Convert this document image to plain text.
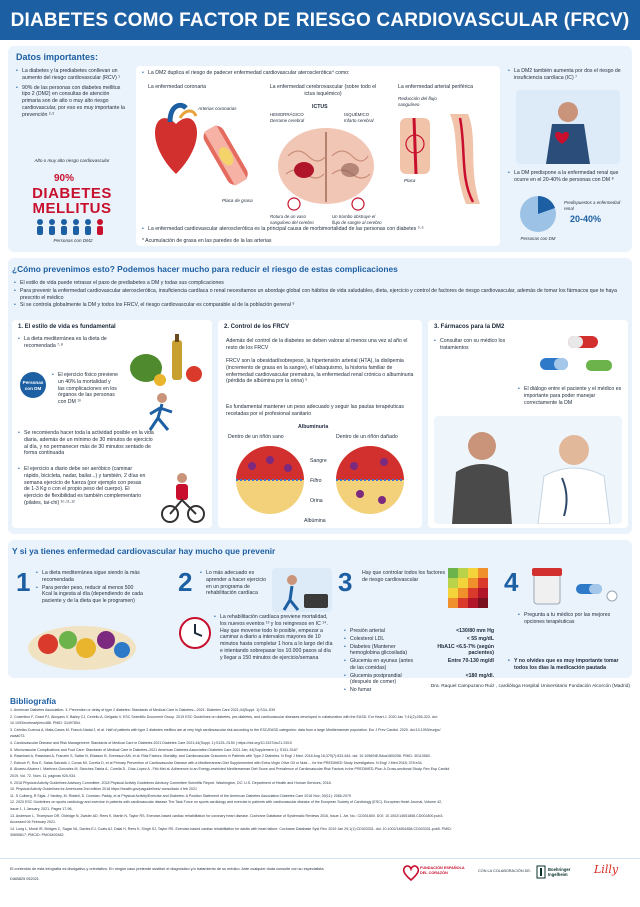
DIABETES COMO FACTOR DE RIESGO CARDIOVASCULAR (FRCV)
Datos importantes:
• La diabetes y la prediabetes conllevan un aumento del riesgo cardiovascular (RCV) ¹
• 90% de las personas con diabetes mellitus tipo 2 (DM2) en consultas de atención primaria son de alto o muy alto riesgo cardiovascular, por eso es muy importante la prevención ²·³
Alto o muy alto riesgo cardiovascular
90%
DIABETES MELLITUS
Personas con DM2
• La DM2 duplica el riesgo de padecer enfermedad cardiovascular aterosclerótica⁴ como:
La enfermedad coronaria
Arterias coronarias
Placa de grasa
La enfermedad cerebrovascular (sobre todo el ictus isquémico)
ICTUS
HEMORRÁGICO
Derrame cerebral
ISQUÉMICO
Infarto cerebral
Rotura de un vaso sanguíneo del cerebro
Un trombo obstruye el flujo de sangre al cerebro
La enfermedad arterial periférica
Reducción del flujo sanguíneo
Placa
• La enfermedad cardiovascular aterosclerótica es la principal causa de morbimortalidad de las personas con diabetes ⁵·⁶
* Acumulación de grasa en las paredes de la las arterias
• La DM2 también aumenta por dos el riesgo de insuficiencia cardíaca (IC) ⁷
• La DM predispone a la enfermedad renal que ocurre en el 20-40% de personas con DM ⁸
Personas con DM
Predispuestos a enfermedad renal
20-40%
¿Cómo prevenimos esto? Podemos hacer mucho para reducir el riesgo de estas complicaciones
• El estilo de vida puede retrasar el paso de prediabetes a DM y todas sus complicaciones
• Para prevenir la enfermedad cardiovascular aterosclerótica, insuficiencia cardíaca o renal necesitamos un abordaje global con hábitos de vida saludables, dieta, ejercicio y control de factores de riesgo cardiovascular, además de tomar los fármacos que te haya prescrito el médico
• Si se controla globalmente la DM y todos los FRCV, el riesgo cardiovascular es comparable al de la población general ⁹
1. El estilo de vida es fundamental
• La dieta mediterránea es la dieta de recomendada ⁷·⁸
Personas con DM
• El ejercicio físico previene un 40% la mortalidad y las complicaciones en los órganos de las personas con DM ¹⁰
• Se recomienda hacer toda la actividad posible en la vida diaria, además de un mínimo de 30 minutos de ejercicio al día, y no permanecer más de 30 minutos sentado de forma continuada
• El ejercicio a diario debe ser aeróbico (caminar rápido, bicicleta, nadar, bailar...) y también, 2 días en semana ejercicio de fuerza (por ejemplo con pesas de 1-3 Kg o con el propio peso del cuerpo). El ejercicio de flexibilidad es también complementario (pilates, tai-chi) ¹⁰·¹¹·¹²
2. Control de los FRCV
Además del control de la diabetes se deben valorar al menos una vez al año el resto de los FRCV
FRCV son la obesidad/sobrepeso, la hipertensión arterial (HTA), la dislipemia (incremento de grasa en la sangre), el tabaquismo, la historia familiar de enfermedad cardiovascular prematura, la enfermedad renal crónica o albuminuria (pérdida de albúmina por la orina) ⁵
Es fundamental mantener un peso adecuado y seguir las pautas terapéuticas recetadas por el profesional sanitario
Albuminuria
Dentro de un riñón sano	Dentro de un riñón dañado
Sangre
Filtro
Orina
Albúmina
3. Fármacos para la DM2
• Consultar con su médico los tratamientos
• El diálogo entre el paciente y el médico es importante para poder manejar correctamente la DM
Y si ya tienes enfermedad cardiovascular hay mucho que prevenir
1	• La dieta mediterránea sigue siendo la más recomendada
• Para perder peso, reducir al menos 500 Kcal la ingesta al día (dependiendo de cada paciente y de la dieta que le programen)
2	• Lo más adecuado es aprender a hacer ejercicio en un programa de rehabilitación cardíaca
• La rehabilitación cardíaca previene mortalidad, los nuevos eventos ¹³ y los reingresos en IC ¹⁴. Hay que moverse todo lo posible, empezar a caminar a diario a intervalos mayores de 10 minutos hasta completar 1 hora a lo largo del día e intentando sobrepasar los 10.000 pasos al día y llegar a 150 minutos de ejercicio/semana
3 Hay que controlar todos los factores de riesgo cardiovascular
• Presión arterial	<130/80 mm Hg
• Colesterol LDL	< 55 mg/dL
• Diabetes (Mantener hemoglobina glicosilada)
HbA1C <6.5-7% (según pacientes)
• Glucemia en ayunas (antes de las comidas)
Entre 70-130 mg/dl
• Glucemia postprandial (después de comer)
<180 mg/dl.
• No fumar
4
• Pregunta a tu médico por las mejores opciones terapéuticas
• Y no olvides que es muy importante tomar todos los días la medicación pautada
Dra. Raquel Campuzano Ruiz , cardióloga Hospital Universitario Fundación Alcorcón (Madrid)
Bibliografía
1. American Diabetes Association. 3. Prevention or delay of type 2 diabetes: Standards of Medical Care in Diabetes—2021. Diabetes Care 2021;44(Suppl. 1):S34–S39
2. Cosentino F, Grant PJ, Aboyans V, Bailey CJ, Ceriello A, Delgado V, ESC Scientific Document Group. 2019 ESC Guidelines on diabetes, pre-diabetes, and cardiovascular diseases developed in collaboration with the EASD. Eur Heart J. 2020 Jan 7;41(2):255-323. doi:
10.1093/eurheartj/ehz486. PMID: 31497854.
3. Cebrián-Cuenca A, Mata-Cases M, Franch-Nadal J, et al. Half of patients with type 2 diabetes mellitus are at very high cardiovascular risk according to the ESC/EASD categories: data from a large Mediterranean population. Eur J Prev Cardiol. 2020. doi:10.1093/eurjpc/
zwaa073.
4. Cardiovascular Disease and Risk Management: Standards of Medical Care in Diabetes 2021 Diabetes Care 2021;44(Suppl. 1):S125–S150 | https://doi.org/10.2337/dc21-S010
5. Microvascular Complications and Foot Care: Standards of Medical Care in Diabetes–2021 American Diabetes Association Diabetes Care 2021 Jan; 44(Supplement 1): S151-S167
6. Rawshani A, Rawshani A, Franzén S, Sattar N, Eliasson B, Svensson AM, et al. Risk Factors, Mortality, and Cardiovascular Outcomes in Patients with Type 2 Diabetes. N Engl J Med. 2018 Aug 16;379(7):633-644. doi: 10.1056/NEJMoa1800256. PMID: 30110583.
7. Estruch R, Ros E, Salas-Salvadó J, Covas MI, Corella D, et al Primary Prevention of Cardiovascular Disease with a Mediterranean Diet Supplemented with Extra-Virgin Olive Oil or Nuts ... for the PREDIMED Study Investigators. N Engl J Med 2018; 378:e34.
8. Álvarez-Álvarez I, Martínez-González M, Sánchez-Tainta A , Corella D , Díaz-López A , Fitó Met al. Adherence to an Energy-restricted Mediterranean Diet Score and Prevalence of Cardiovascular Risk Factors in the PREDIMED-Plus: A Cross-sectional Study. Rev Esp Cardiol
2019. Vol. 72. Núm. 11, páginas 925-934.
9. 2018 Physical Activity Guidelines Advisory Committee. 2018 Physical Activity Guidelines Advisory Committee Scientific Report. Washington, DC: U.S. Department of Health and Human Services, 2018.
10. Physical Activity Guidelines for Americans 2nd edition 2018 https://health.gov/paguidelines/ consultado 4 feb 2021
11. S Colberg, R Sigal, J Yardley, M. Riddell, D. Dunstan, Paddy, et al Physical Activity/Exercise and Diabetes: A Position Statement of the American Diabetes Association Diabetes Care 2016 Nov; 39(11): 2065-2079
12. 2020 ESC Guidelines on sports cardiology and exercise in patients with cardiovascular disease The Task Force on sports cardiology and exercise in patients with cardiovascular disease of the European Society of Cardiology (ESC). European Heart Journal, Volume 42,
Issue 1, 1 January, 2021, Pages 17-96,
13. Anderson L, Thompson DR, Oldridge N, Zwisler AD, Rees K, Martin N, Taylor RS. Exercise-based cardiac rehabilitation for coronary heart disease. Cochrane Database of Systematic Reviews 2016, Issue 1. Art. No.: CD001800. DOI: 10.1002/14651858.CD001800.pub3.
Accessed 04 February 2021.
14. Long L, Mordi IR, Bridges C, Sagar VA, Davies EJ, Coats AJ, Dalal H, Rees K, Singh SJ, Taylor RS. Exercise-based cardiac rehabilitation for adults with heart failure. Cochrane Database Syst Rev. 2019 Jan 29;1(1):CD003331. doi: 10.1002/14651858.CD003331.pub5. PMID:
30695817; PMCID: PMC6492482.
El contenido de esta infografía es divulgativo y orientativo. En ningún caso pretende sustituir el diagnóstico y/o tratamiento de su médico. Ante cualquier duda consulte con su especialista.
DIAB825 052021
FUNDACIÓN ESPAÑOLA DEL CORAZÓN	CON LA COLABORACIÓN DE:	Boehringer Ingelheim	Lilly
